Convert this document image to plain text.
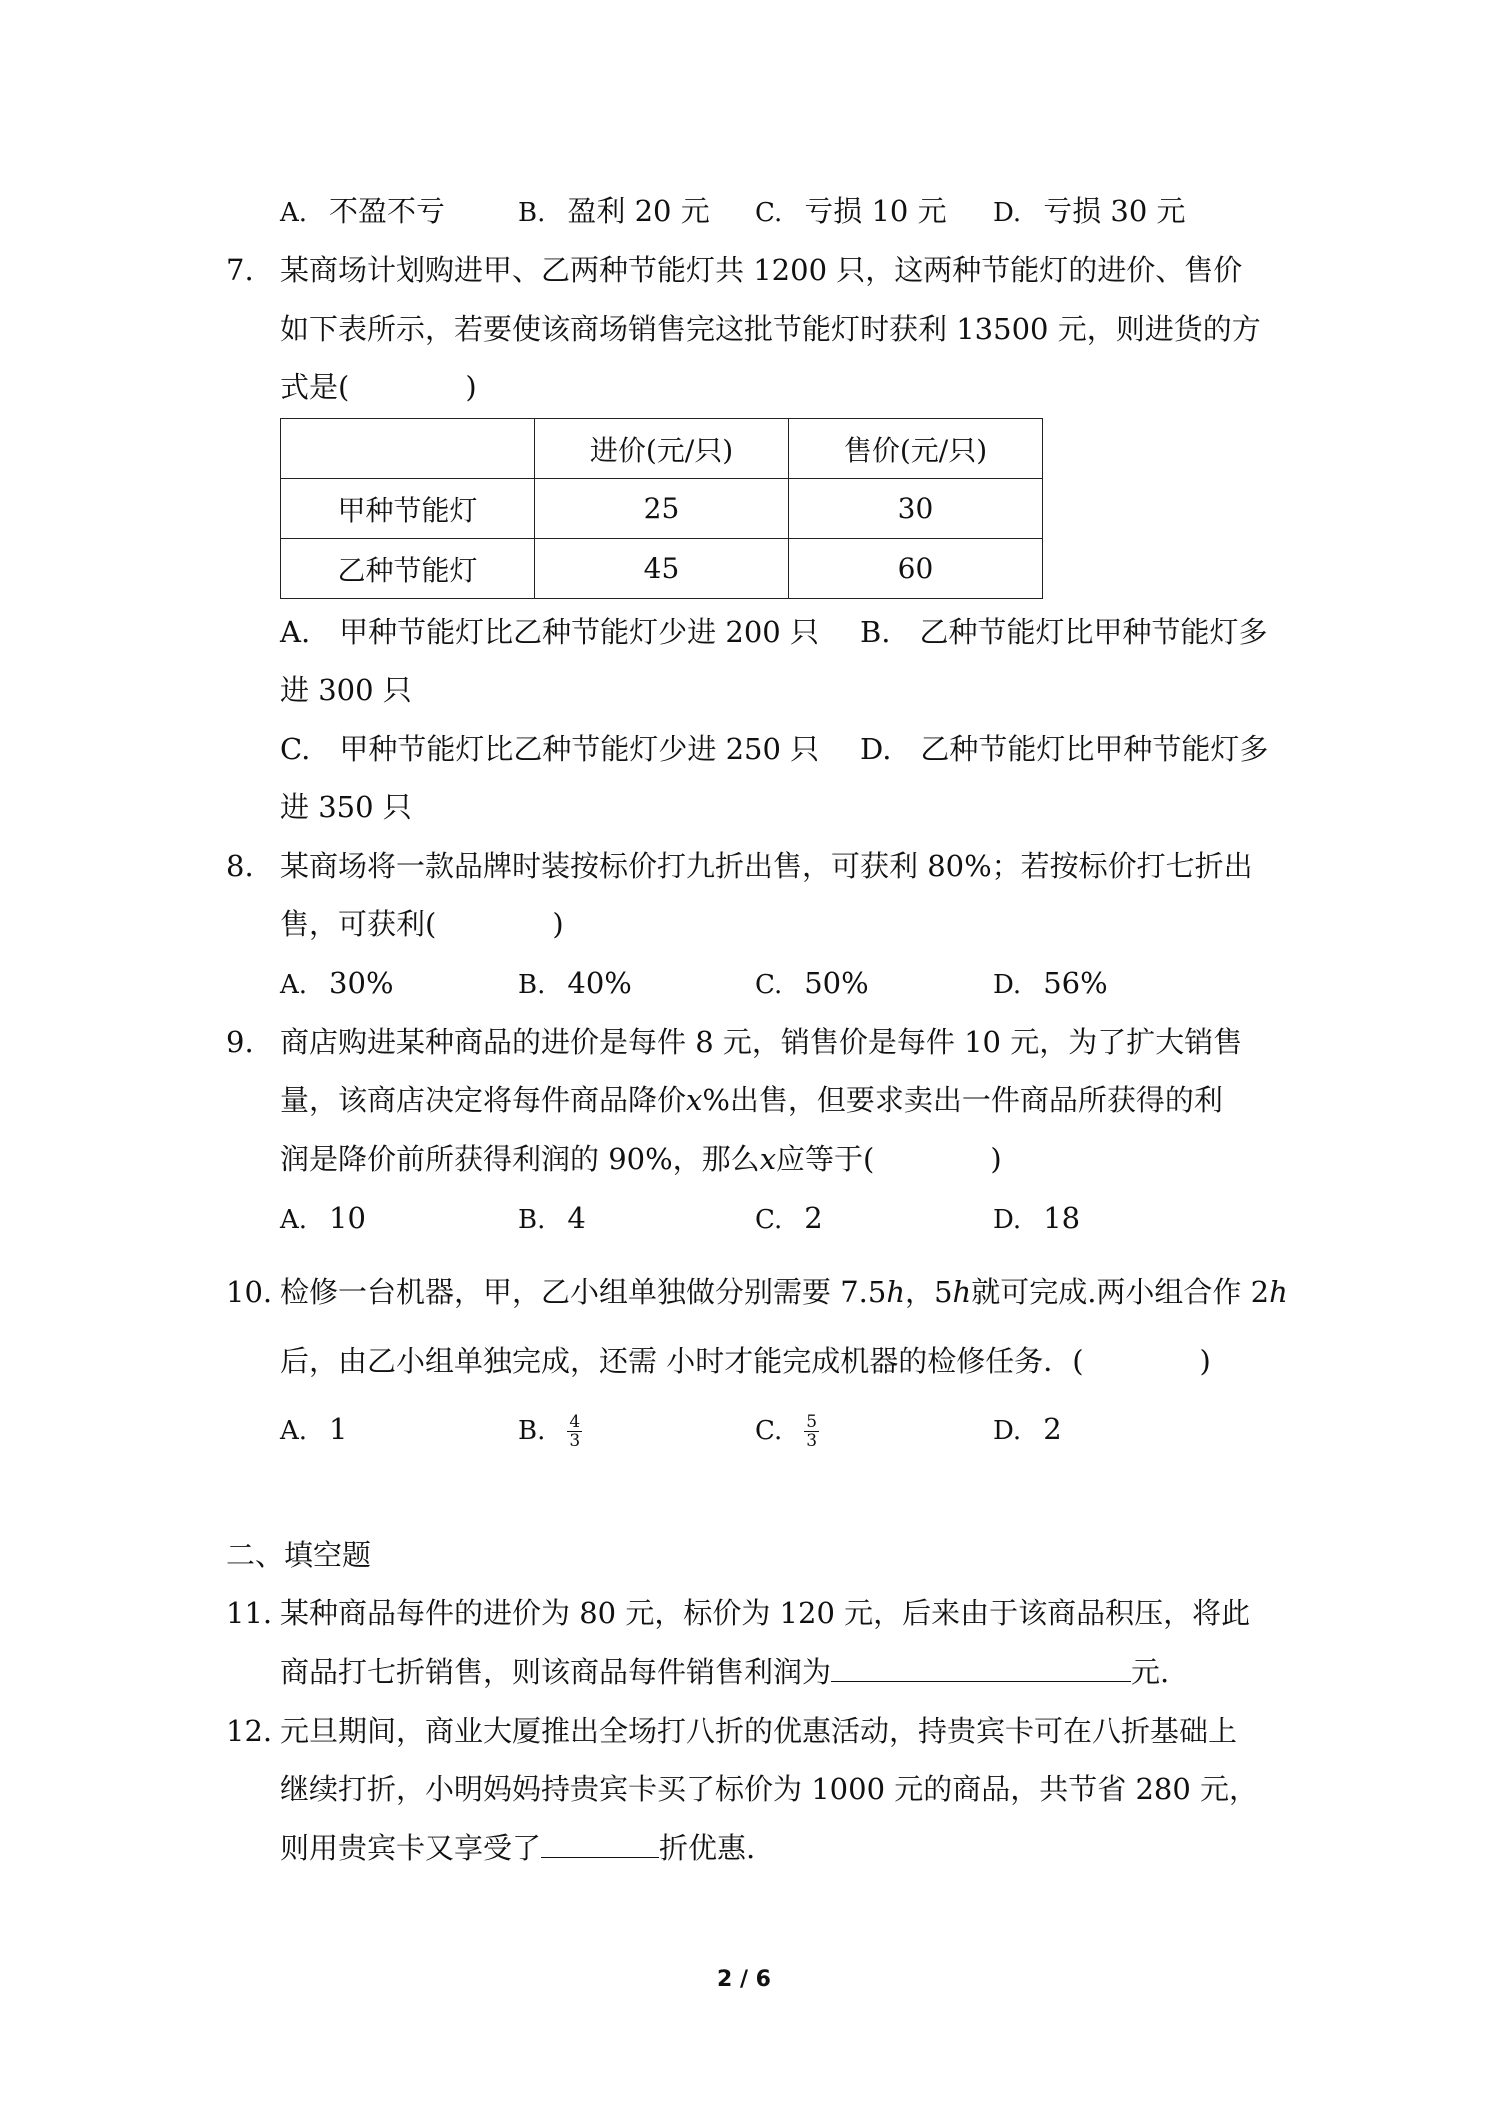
A. 不盈不亏	B. 盈利 20 元 C. 亏损 10 元 D. 亏损 30 元
7. 某商场计划购进甲、乙两种节能灯共 1200 只，这两种节能灯的进价、售价
如下表所示，若要使该商场销售完这批节能灯时获利 13500 元，则进货的方
式是(　　　　)
	进价(元/只)	售价(元/只)
甲种节能灯	25	30
乙种节能灯	45	60
A.　甲种节能灯比乙种节能灯少进 200 只 B.　乙种节能灯比甲种节能灯多
进 300 只
C.　甲种节能灯比乙种节能灯少进 250 只 D.　乙种节能灯比甲种节能灯多
进 350 只
8. 某商场将一款品牌时装按标价打九折出售，可获利 80%；若按标价打七折出
售，可获利(　　　　)
A. 30%	B. 40%	C. 50%	D. 56%
9. 商店购进某种商品的进价是每件 8 元，销售价是每件 10 元，为了扩大销售
量，该商店决定将每件商品降价x%出售，但要求卖出一件商品所获得的利
润是降价前所获得利润的 90%，那么x应等于(　　　　)
A. 10	B. 4	C. 2	D. 18
10. 检修一台机器，甲，乙小组单独做分别需要 7.5h，5h就可完成.两小组合作 2h
后，由乙小组单独完成，还需 小时才能完成机器的检修任务．(　　　　)
A. 1	B. $\frac{4}{3}$	C. $\frac{5}{3}$	D. 2
二、填空题
11. 某种商品每件的进价为 80 元，标价为 120 元，后来由于该商品积压，将此
商品打七折销售，则该商品每件销售利润为	元.
12. 元旦期间，商业大厦推出全场打八折的优惠活动，持贵宾卡可在八折基础上
继续打折，小明妈妈持贵宾卡买了标价为 1000 元的商品，共节省 280 元，
则用贵宾卡又享受了	折优惠.
2 / 6
